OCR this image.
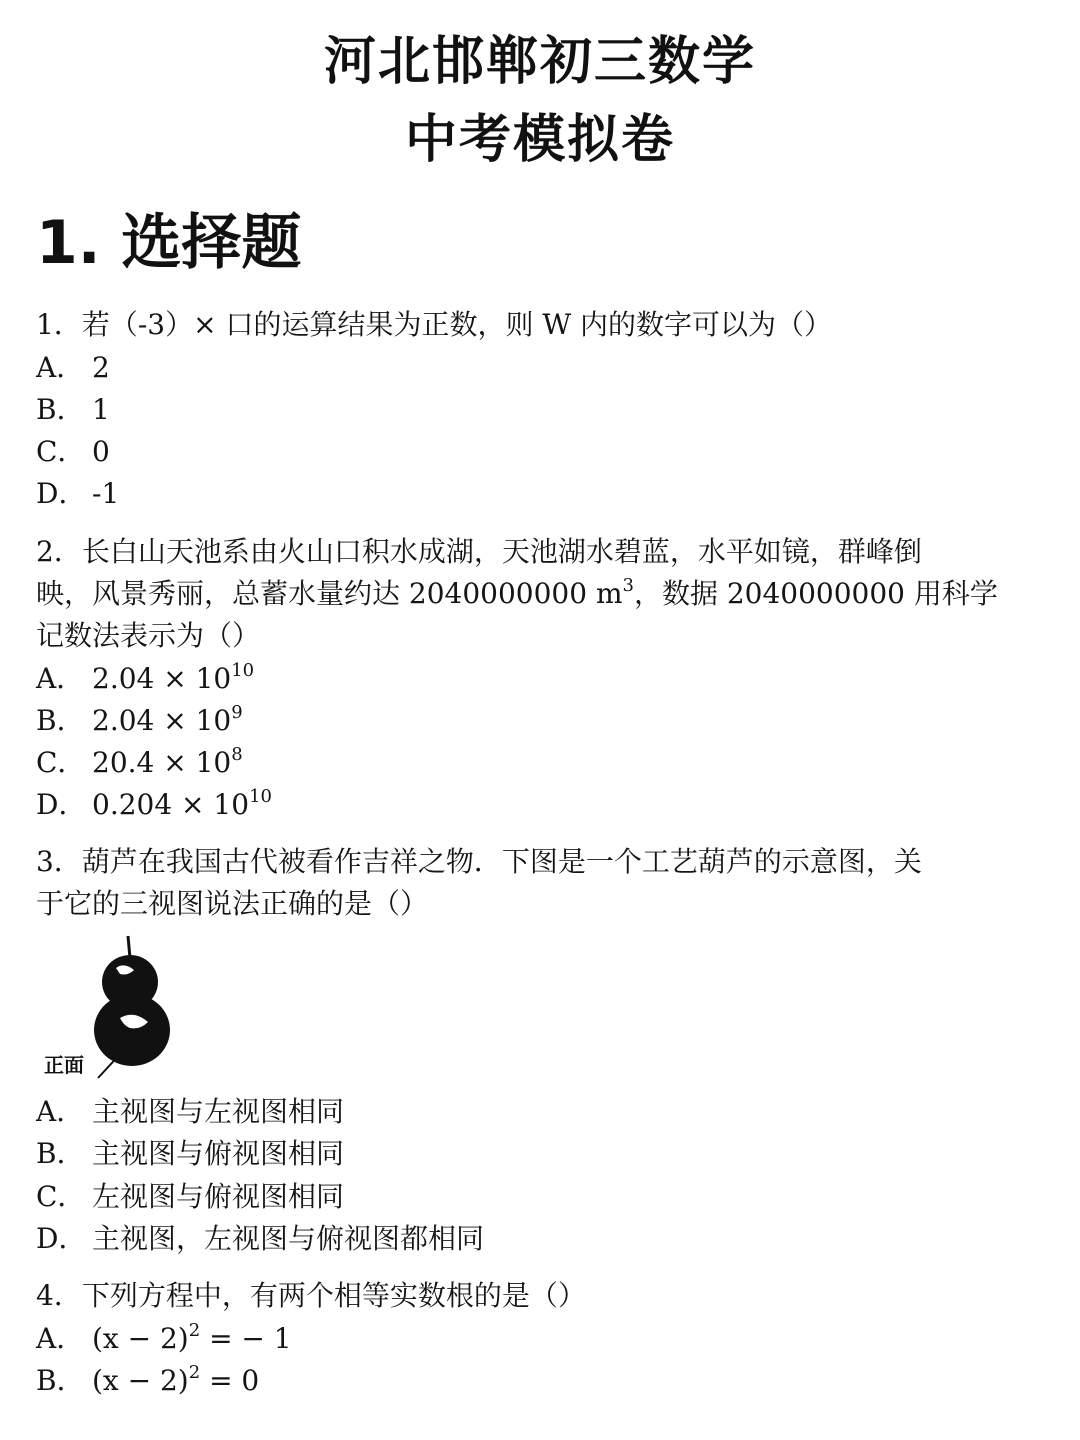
河北邯郸初三数学
中考模拟卷
1. 选择题
1．若（-3）× 口的运算结果为正数，则 W 内的数字可以为（）
A． 2
B． 1
C． 0
D． -1
2．长白山天池系由火山口积水成湖，天池湖水碧蓝，水平如镜，群峰倒
映，风景秀丽，总蓄水量约达 2040000000 $m^3$，数据 2040000000 用科学
记数法表示为（）
A． $2.04 \times 10^{10}$
B． $2.04 \times 10^9$
C． $20.4 \times 10^8$
D． $0.204 \times 10^{10}$
3．葫芦在我国古代被看作吉祥之物．下图是一个工艺葫芦的示意图，关
于它的三视图说法正确的是（）
正面
A． 主视图与左视图相同
B． 主视图与俯视图相同
C． 左视图与俯视图相同
D． 主视图，左视图与俯视图都相同
4．下列方程中，有两个相等实数根的是（）
A． $(x - 2)^2$ = − 1
B． $(x - 2)^2 = 0$
